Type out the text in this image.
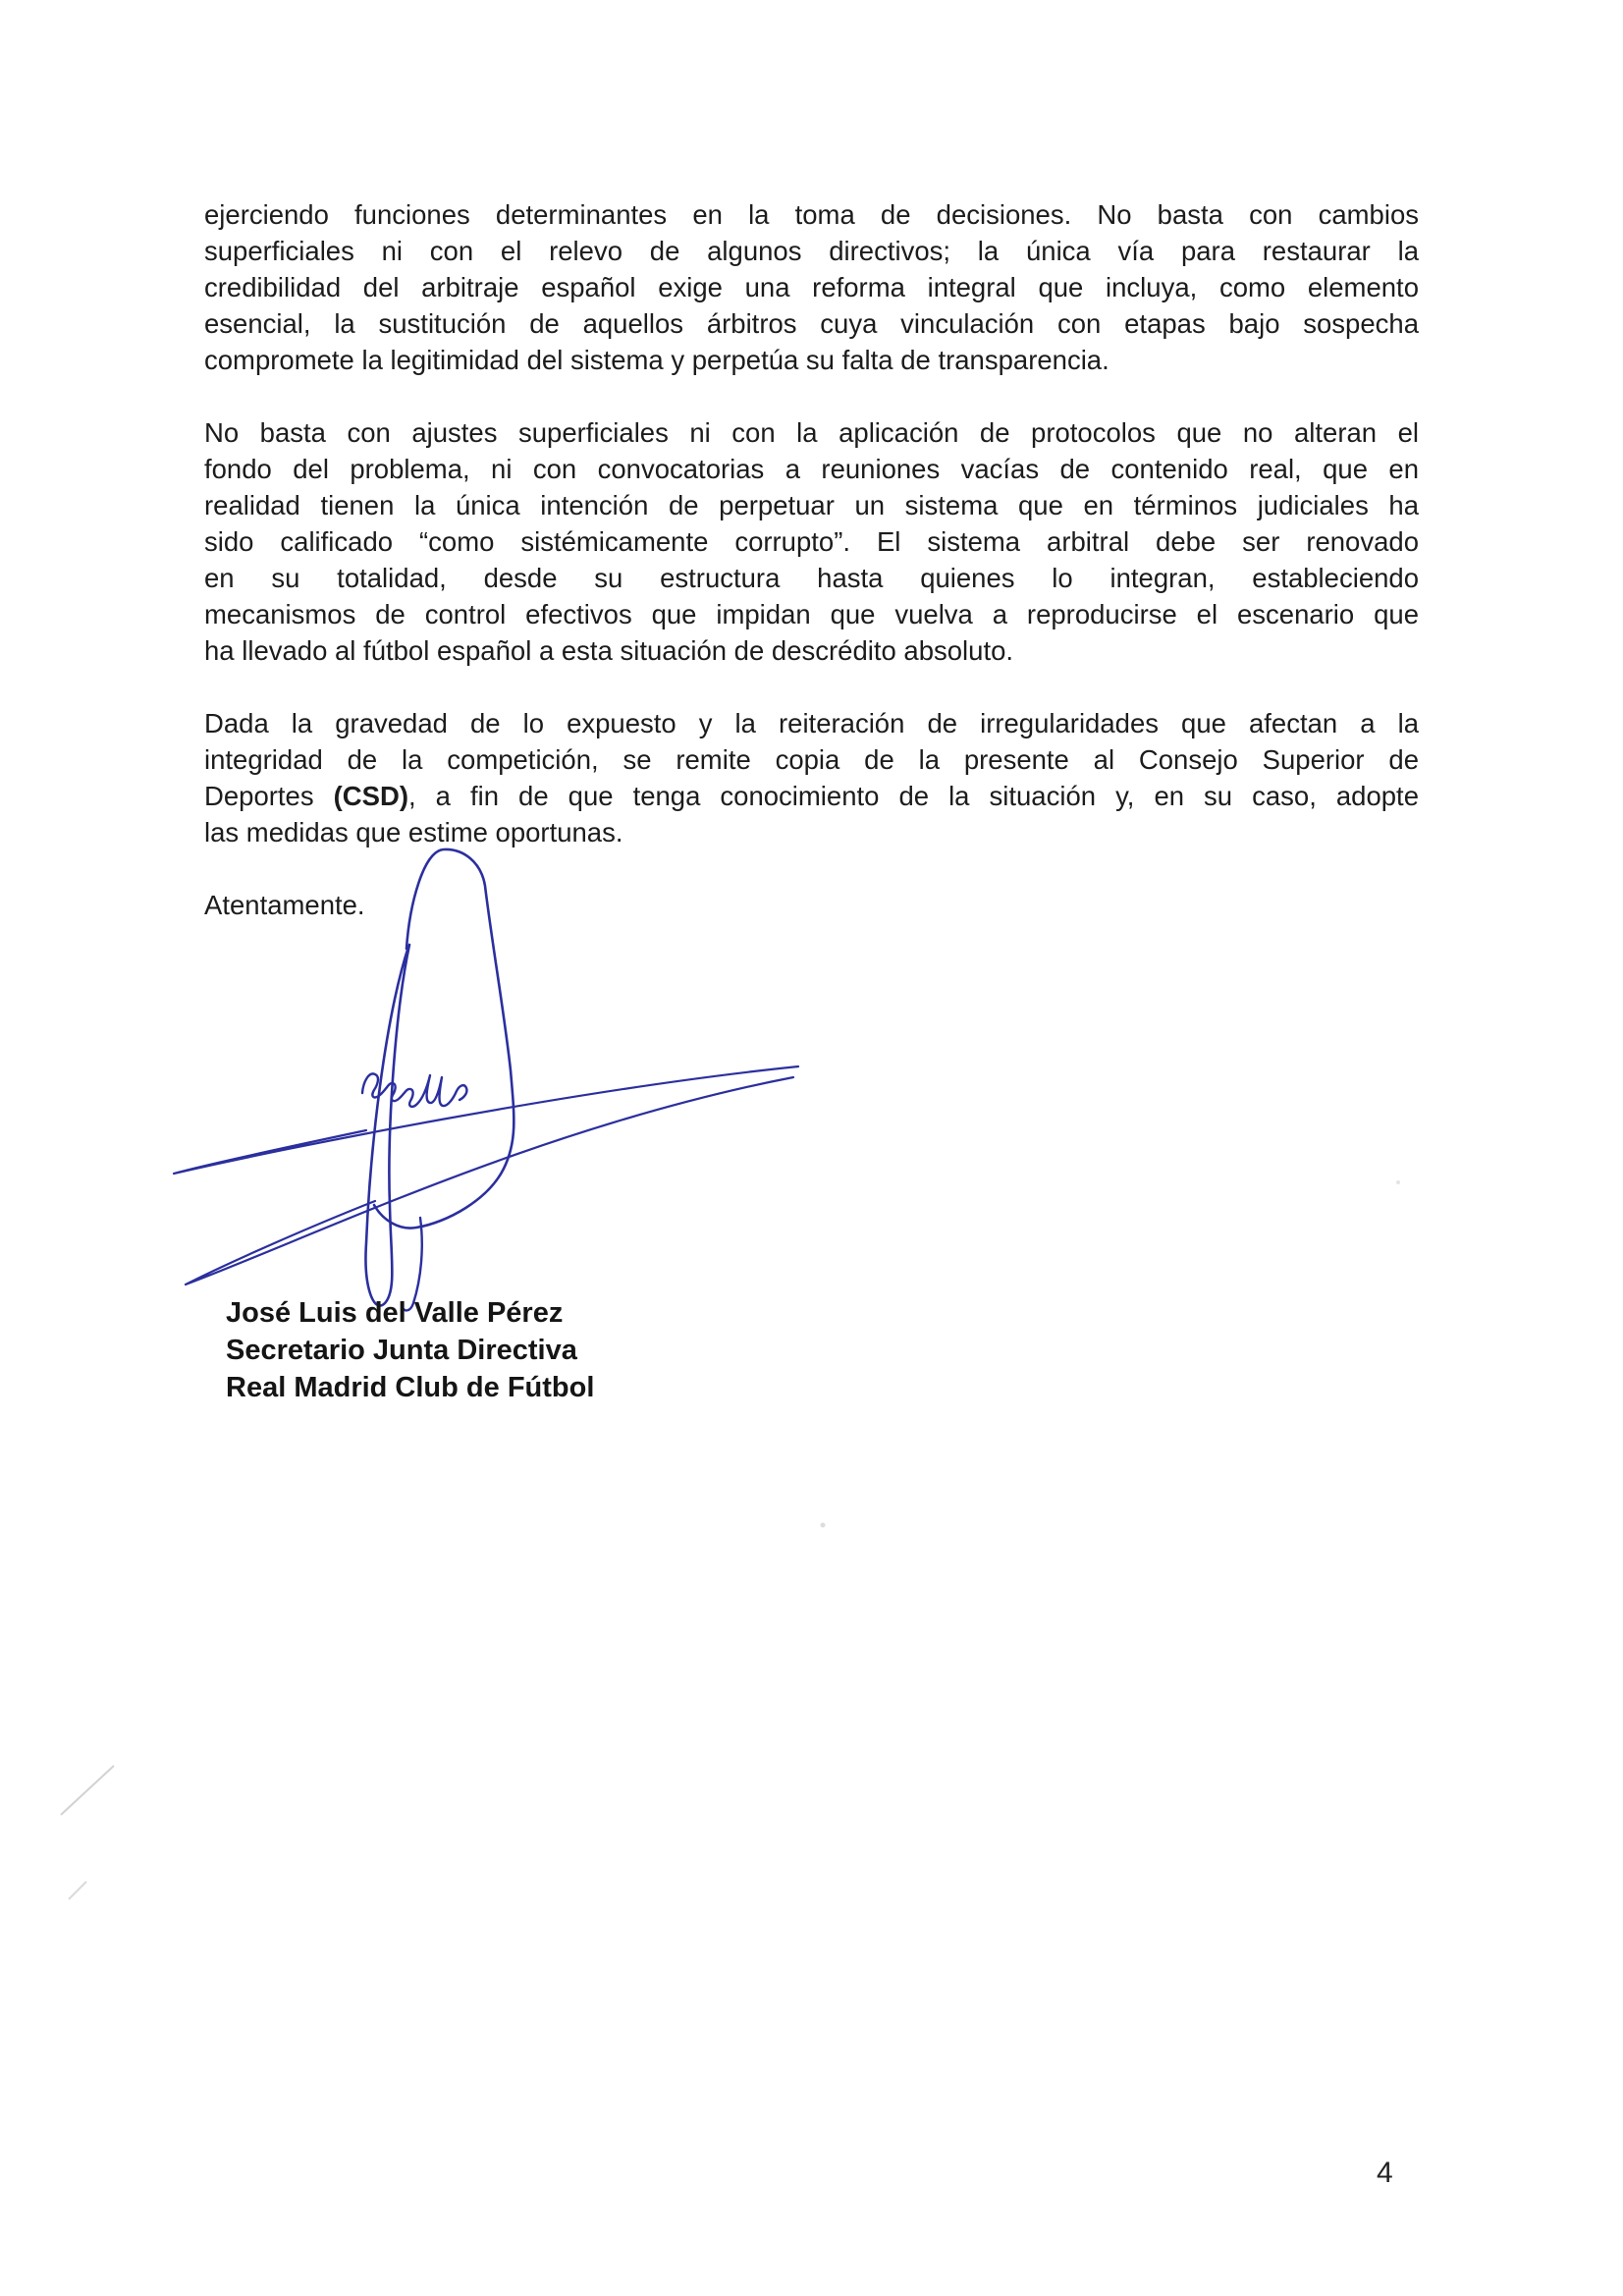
ejerciendo funciones determinantes en la toma de decisiones. No basta con cambios
superficiales ni con el relevo de algunos directivos; la única vía para restaurar la
credibilidad del arbitraje español exige una reforma integral que incluya, como elemento
esencial, la sustitución de aquellos árbitros cuya vinculación con etapas bajo sospecha
compromete la legitimidad del sistema y perpetúa su falta de transparencia.
No basta con ajustes superficiales ni con la aplicación de protocolos que no alteran el
fondo del problema, ni con convocatorias a reuniones vacías de contenido real, que en
realidad tienen la única intención de perpetuar un sistema que en términos judiciales ha
sido calificado “como sistémicamente corrupto”. El sistema arbitral debe ser renovado
en su totalidad, desde su estructura hasta quienes lo integran, estableciendo
mecanismos de control efectivos que impidan que vuelva a reproducirse el escenario que
ha llevado al fútbol español a esta situación de descrédito absoluto.
Dada la gravedad de lo expuesto y la reiteración de irregularidades que afectan a la
integridad de la competición, se remite copia de la presente al Consejo Superior de
Deportes (CSD), a fin de que tenga conocimiento de la situación y, en su caso, adopte
las medidas que estime oportunas.
Atentamente.
José Luis del Valle Pérez
Secretario Junta Directiva
Real Madrid Club de Fútbol
4
